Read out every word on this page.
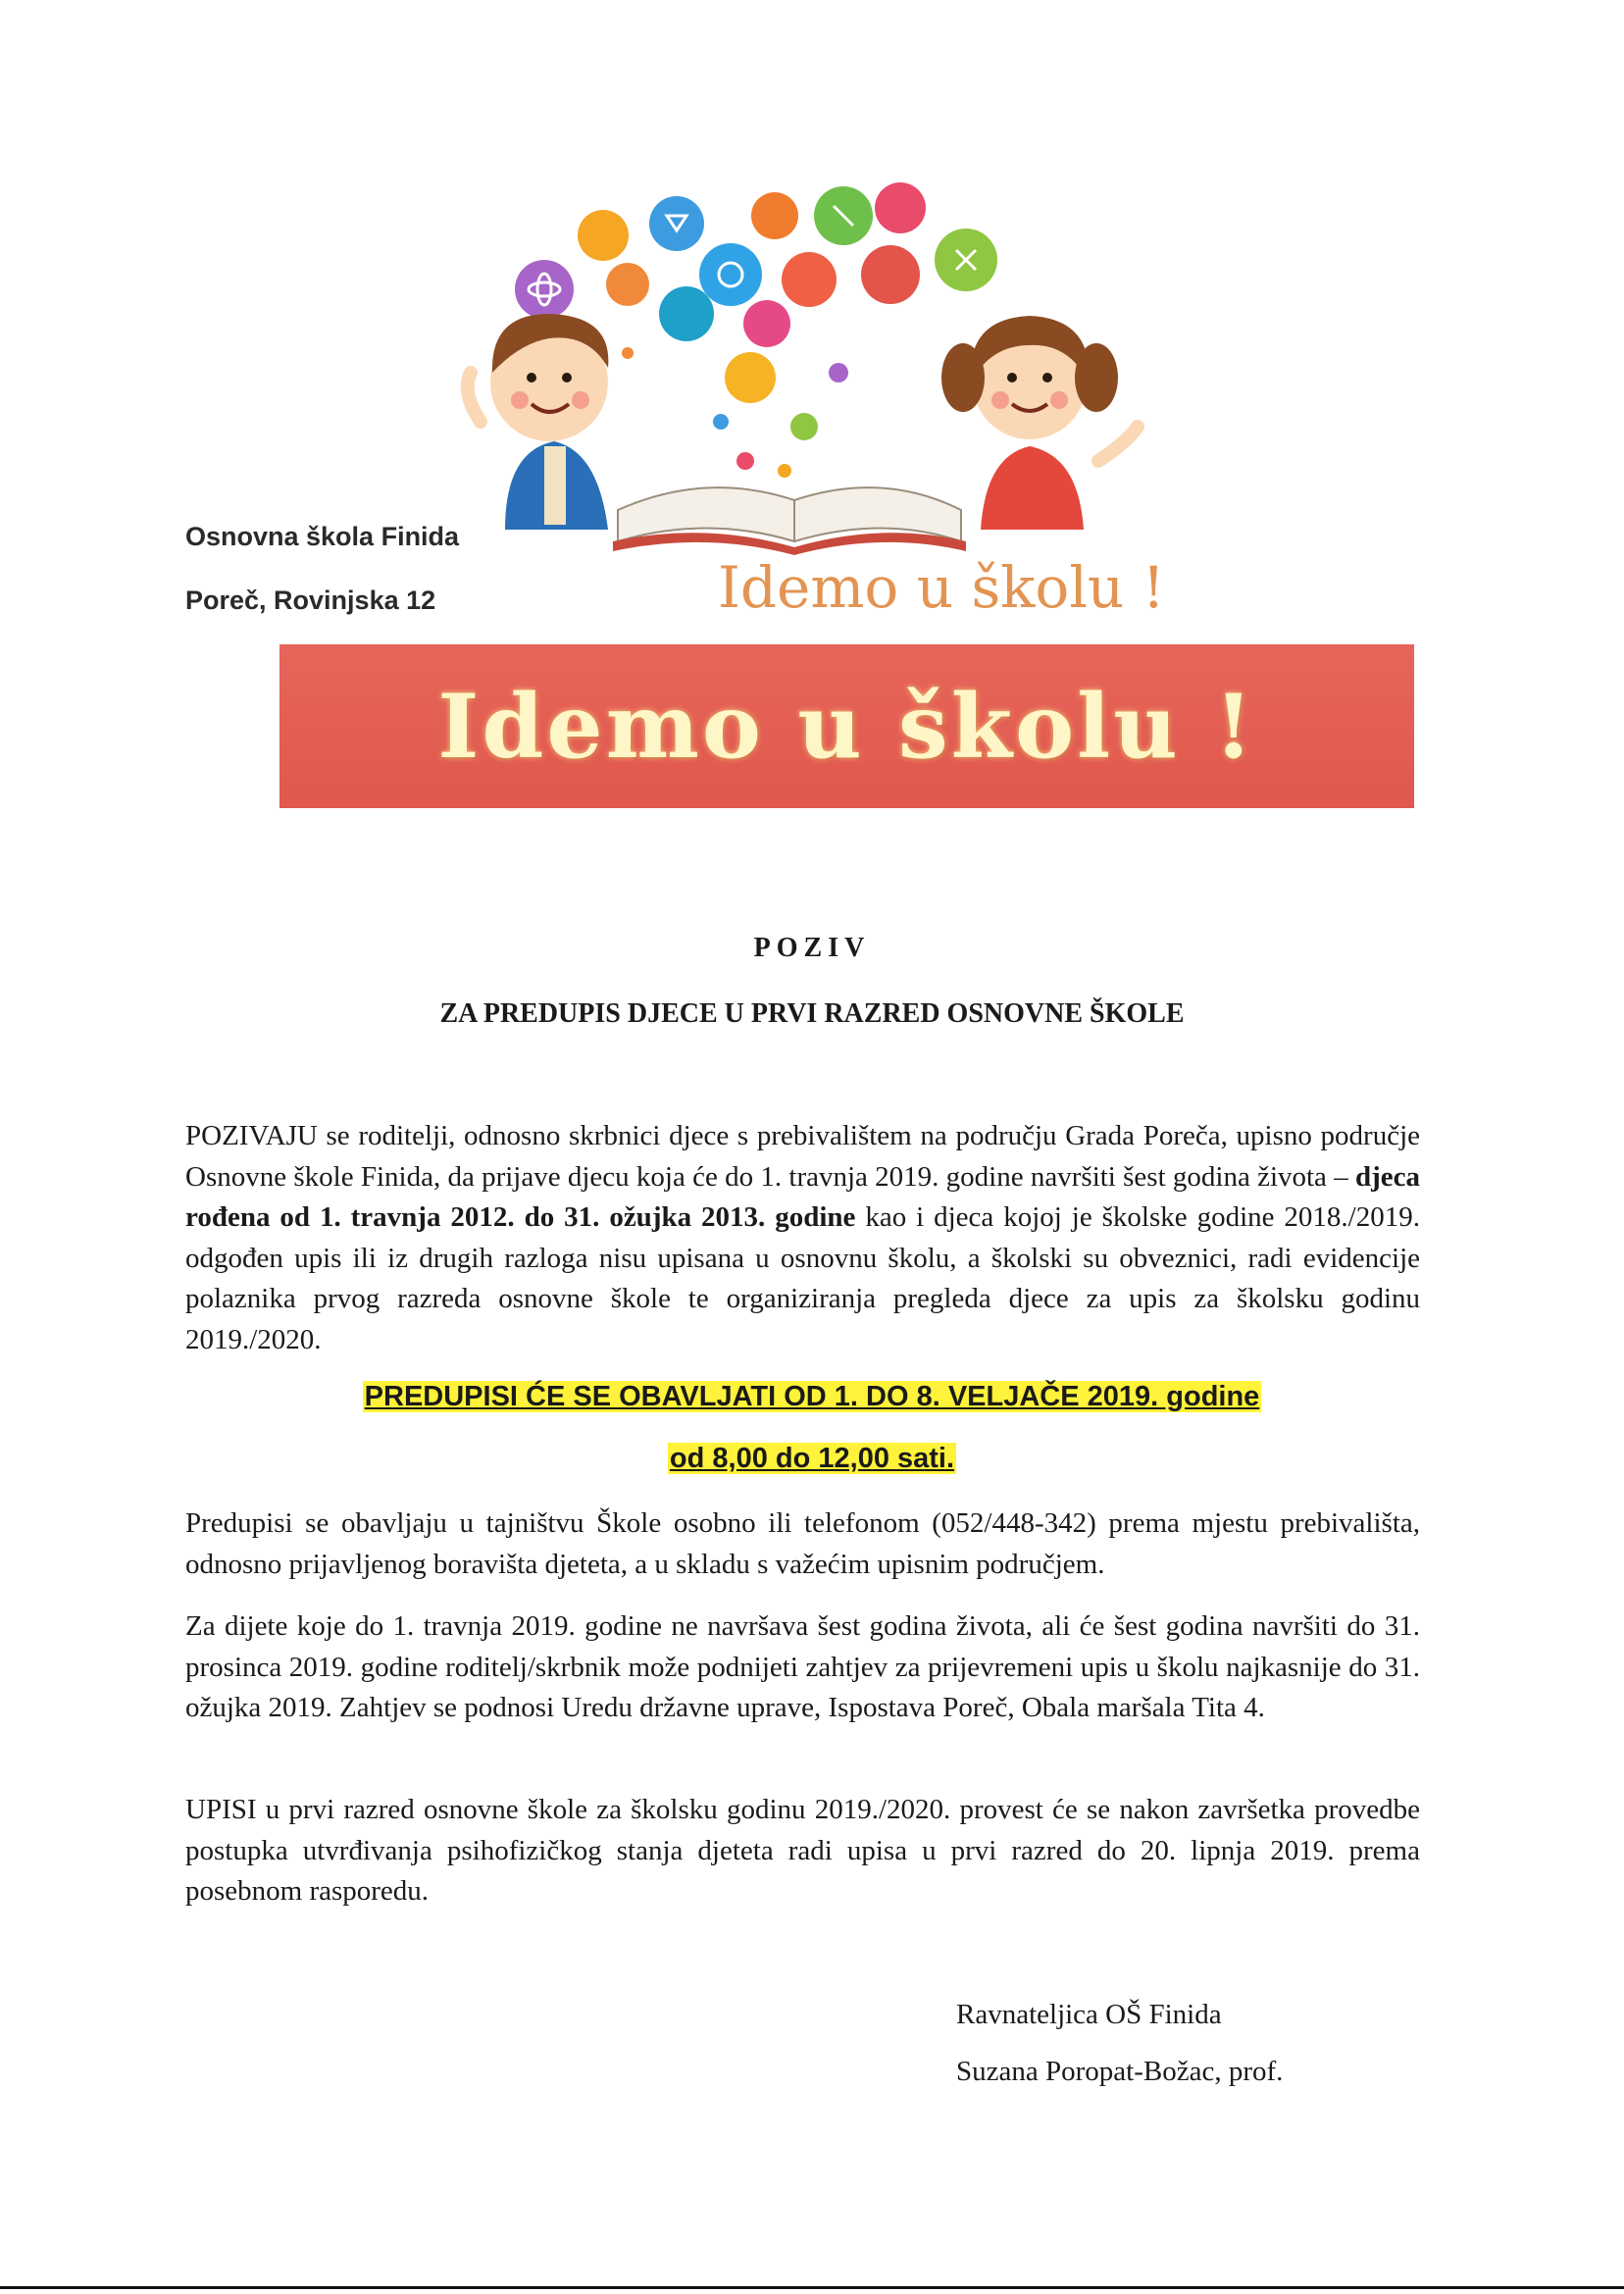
Osnovna škola Finida
Poreč, Rovinjska 12	Idemo u školu !
Idemo u školu !
POZIV
ZA PREDUPIS DJECE U PRVI RAZRED OSNOVNE ŠKOLE
POZIVAJU se roditelji, odnosno skrbnici djece s prebivalištem na području Grada Poreča, upisno područje Osnovne škole Finida, da prijave djecu koja će do 1. travnja 2019. godine navršiti šest godina života – djeca rođena od 1. travnja 2012. do 31. ožujka 2013. godine kao i djeca kojoj je školske godine 2018./2019. odgođen upis ili iz drugih razloga nisu upisana u osnovnu školu, a školski su obveznici, radi evidencije polaznika prvog razreda osnovne škole te organiziranja pregleda djece za upis za školsku godinu 2019./2020.
PREDUPISI ĆE SE OBAVLJATI OD 1. DO 8. VELJAČE 2019. godine
od 8,00 do 12,00 sati.
Predupisi se obavljaju u tajništvu Škole osobno ili telefonom (052/448-342) prema mjestu prebivališta, odnosno prijavljenog boravišta djeteta, a u skladu s važećim upisnim područjem.
Za dijete koje do 1. travnja 2019. godine ne navršava šest godina života, ali će šest godina navršiti do 31. prosinca 2019. godine roditelj/skrbnik može podnijeti zahtjev za prijevremeni upis u školu najkasnije do 31. ožujka 2019. Zahtjev se podnosi Uredu državne uprave, Ispostava Poreč, Obala maršala Tita 4.
UPISI u prvi razred osnovne škole za školsku godinu 2019./2020. provest će se nakon završetka provedbe postupka utvrđivanja psihofizičkog stanja djeteta radi upisa u prvi razred do 20. lipnja 2019. prema posebnom rasporedu.
Ravnateljica OŠ Finida
Suzana Poropat-Božac, prof.
